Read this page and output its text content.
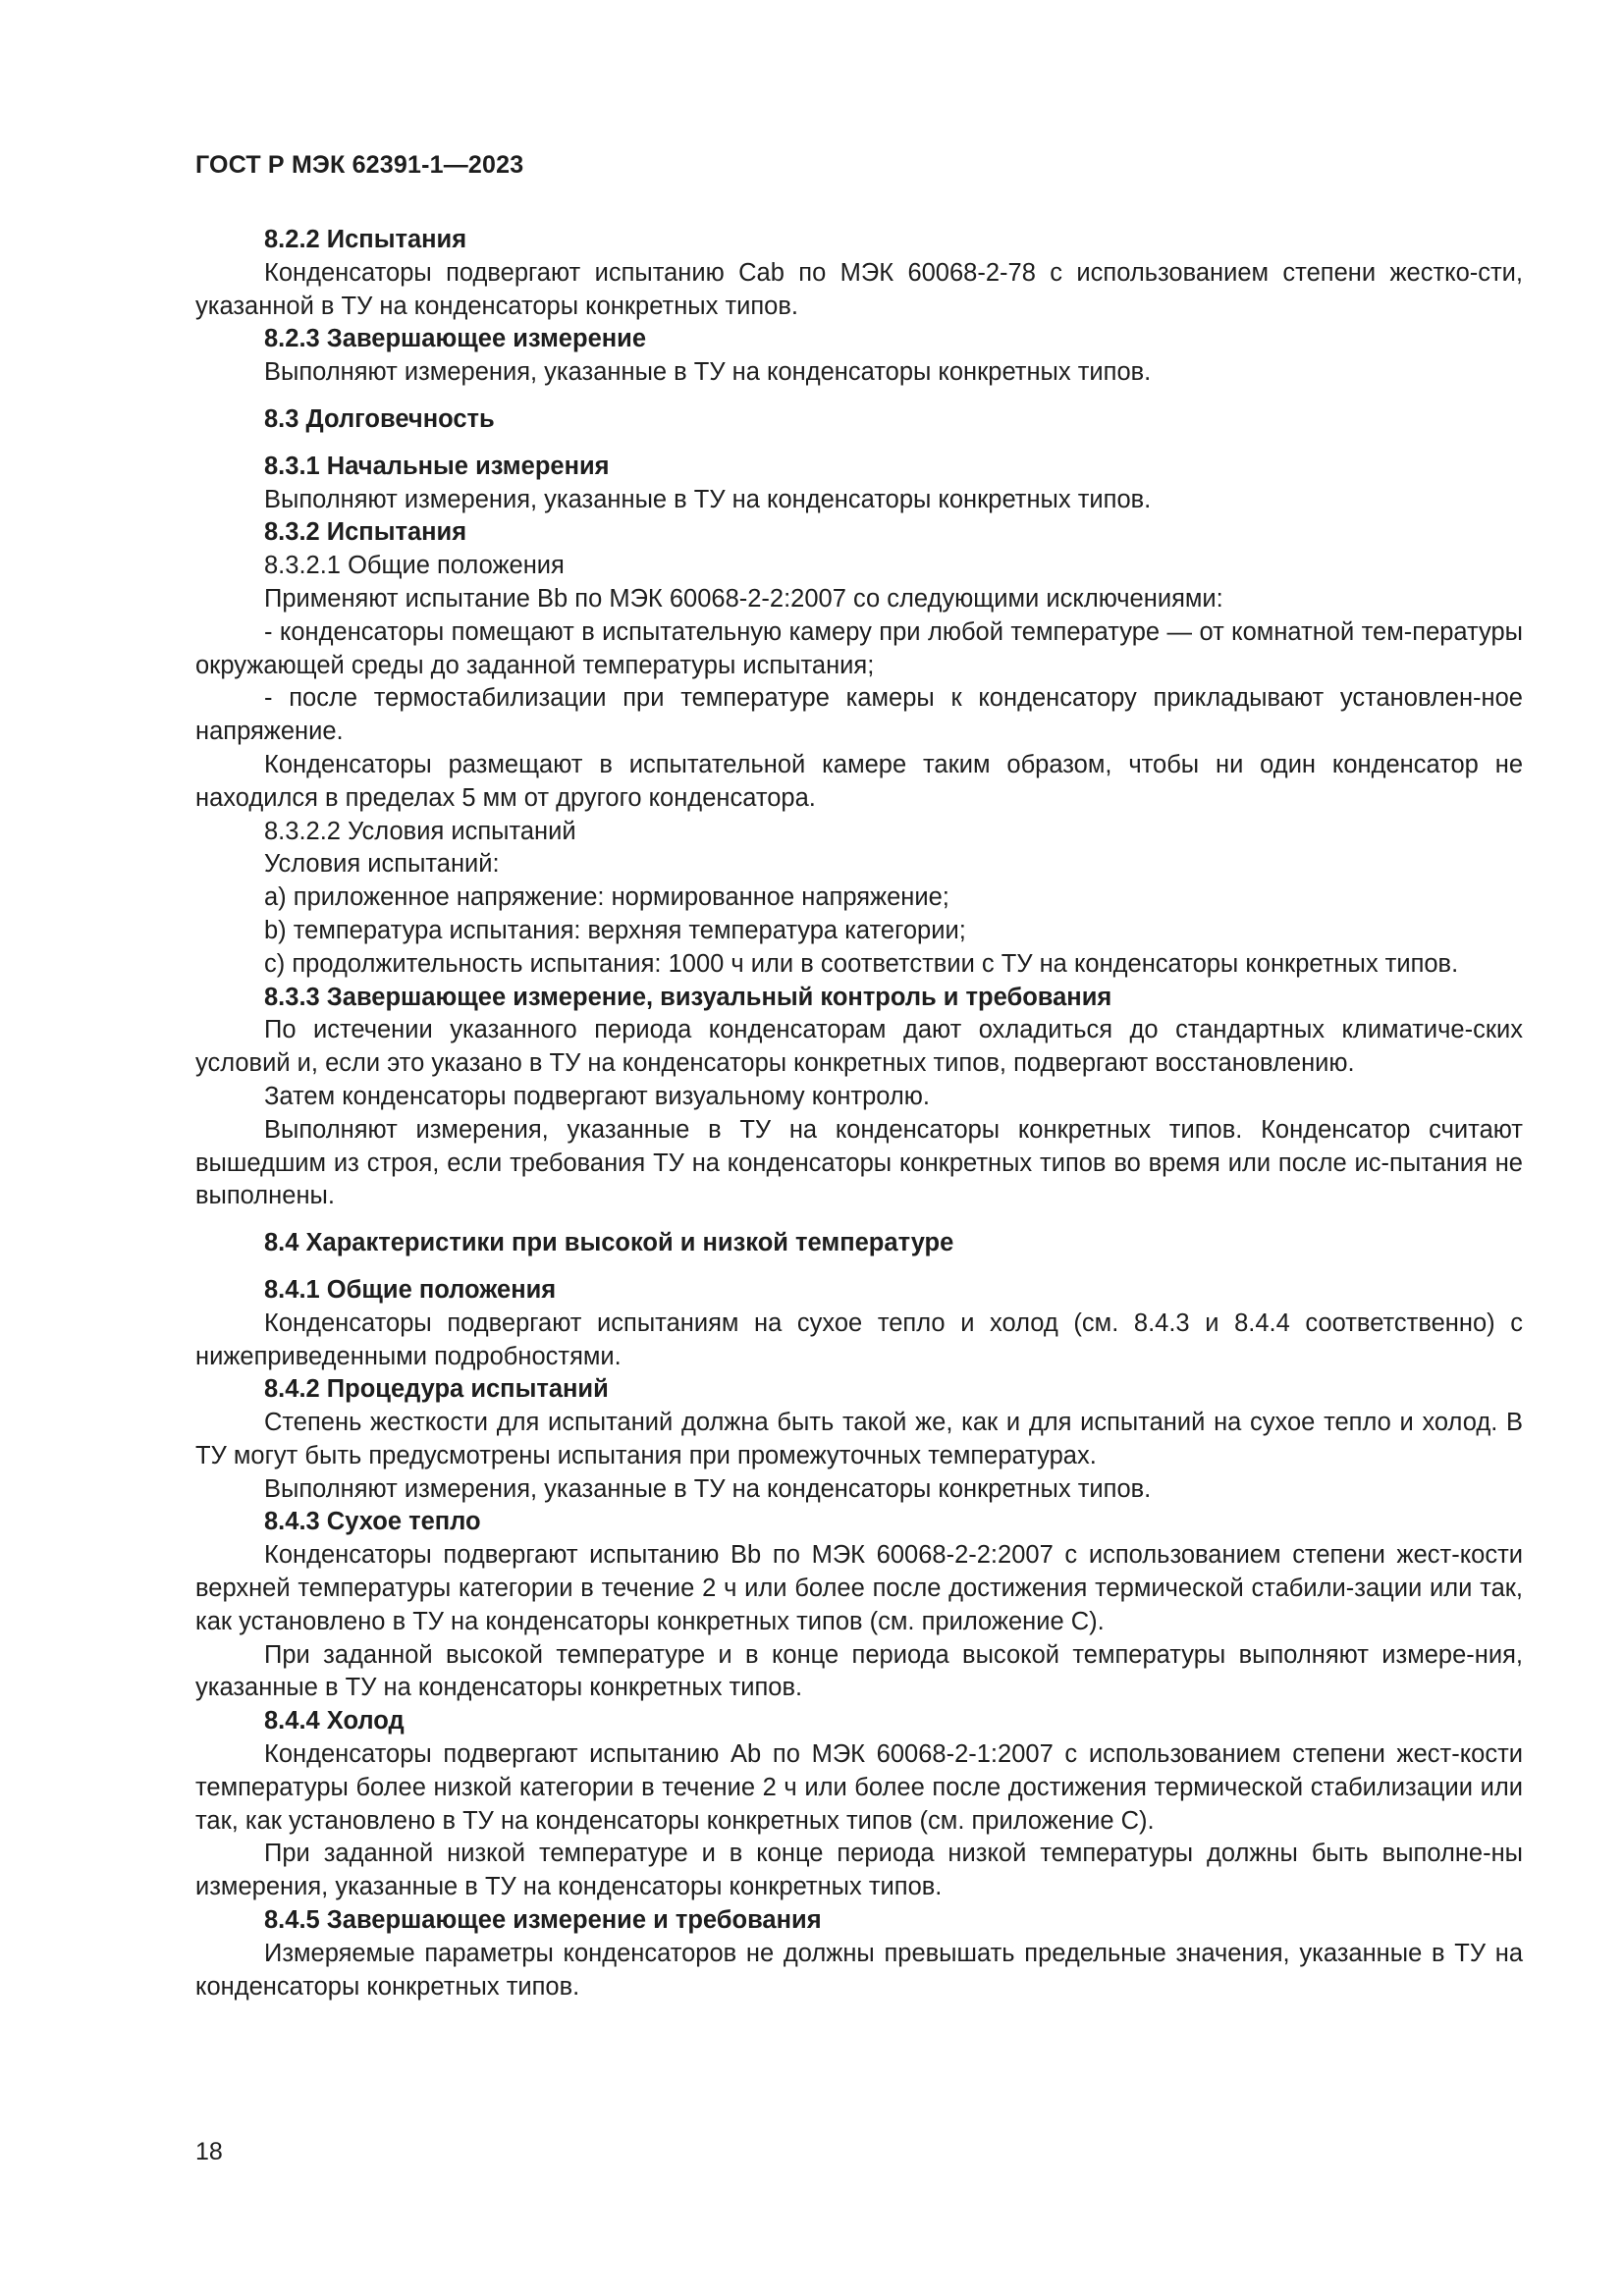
ГОСТ Р МЭК 62391-1—2023

8.2.2 Испытания

Конденсаторы подвергают испытанию Cab по МЭК 60068-2-78 с использованием степени жестко-сти, указанной в ТУ на конденсаторы конкретных типов.

8.2.3 Завершающее измерение

Выполняют измерения, указанные в ТУ на конденсаторы конкретных типов.

8.3 Долговечность

8.3.1 Начальные измерения

Выполняют измерения, указанные в ТУ на конденсаторы конкретных типов.

8.3.2 Испытания

8.3.2.1 Общие положения

Применяют испытание Bb по МЭК 60068-2-2:2007 со следующими исключениями:

- конденсаторы помещают в испытательную камеру при любой температуре — от комнатной тем-пературы окружающей среды до заданной температуры испытания;

- после термостабилизации при температуре камеры к конденсатору прикладывают установлен-ное напряжение.

Конденсаторы размещают в испытательной камере таким образом, чтобы ни один конденсатор не находился в пределах 5 мм от другого конденсатора.

8.3.2.2 Условия испытаний

Условия испытаний:

a) приложенное напряжение: нормированное напряжение;

b) температура испытания: верхняя температура категории;

c) продолжительность испытания: 1000 ч или в соответствии с ТУ на конденсаторы конкретных типов.

8.3.3 Завершающее измерение, визуальный контроль и требования

По истечении указанного периода конденсаторам дают охладиться до стандартных климатиче-ских условий и, если это указано в ТУ на конденсаторы конкретных типов, подвергают восстановлению.

Затем конденсаторы подвергают визуальному контролю.

Выполняют измерения, указанные в ТУ на конденсаторы конкретных типов. Конденсатор считают вышедшим из строя, если требования ТУ на конденсаторы конкретных типов во время или после ис-пытания не выполнены.

8.4 Характеристики при высокой и низкой температуре

8.4.1 Общие положения

Конденсаторы подвергают испытаниям на сухое тепло и холод (см. 8.4.3 и 8.4.4 соответственно) с нижеприведенными подробностями.

8.4.2 Процедура испытаний

Степень жесткости для испытаний должна быть такой же, как и для испытаний на сухое тепло и холод. В ТУ могут быть предусмотрены испытания при промежуточных температурах.

Выполняют измерения, указанные в ТУ на конденсаторы конкретных типов.

8.4.3 Сухое тепло

Конденсаторы подвергают испытанию Bb по МЭК 60068-2-2:2007 с использованием степени жест-кости верхней температуры категории в течение 2 ч или более после достижения термической стабили-зации или так, как установлено в ТУ на конденсаторы конкретных типов (см. приложение С).

При заданной высокой температуре и в конце периода высокой температуры выполняют измере-ния, указанные в ТУ на конденсаторы конкретных типов.

8.4.4 Холод

Конденсаторы подвергают испытанию Ab по МЭК 60068-2-1:2007 с использованием степени жест-кости температуры более низкой категории в течение 2 ч или более после достижения термической стабилизации или так, как установлено в ТУ на конденсаторы конкретных типов (см. приложение С).

При заданной низкой температуре и в конце периода низкой температуры должны быть выполне-ны измерения, указанные в ТУ на конденсаторы конкретных типов.

8.4.5 Завершающее измерение и требования

Измеряемые параметры конденсаторов не должны превышать предельные значения, указанные в ТУ на конденсаторы конкретных типов.

18
